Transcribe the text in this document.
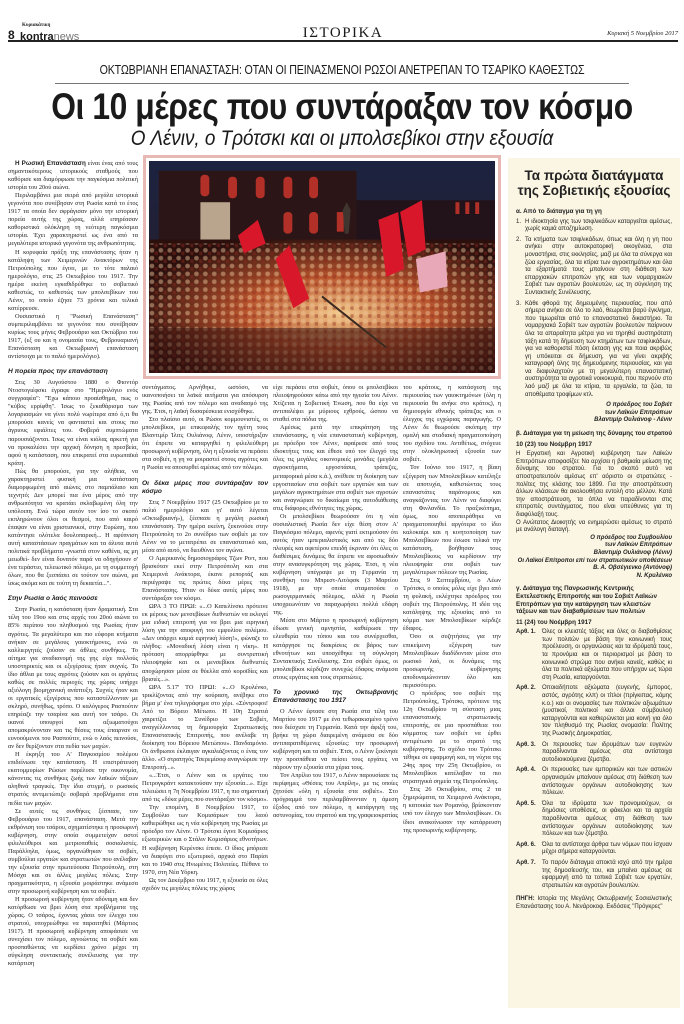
8
Κυριακάτικη
kontranews	ΙΣΤΟΡΙΚΑ	Κυριακή 5 Νοεμβρίου 2017
ΟΚΤΩΒΡΙΑΝΗ ΕΠΑΝΑΣΤΑΣΗ: ΟΤΑΝ ΟΙ ΠΕΙΝΑΣΜΕΝΟΙ ΡΩΣΟΙ ΑΝΕΤΡΕΠΑΝ ΤΟ ΤΣΑΡΙΚΟ ΚΑΘΕΣΤΩΣ
Οι 10 μέρες που συντάραξαν τον κόσμο
Ο Λένιν, ο Τρότσκι και οι μπολσεβίκοι στην εξουσία

Η Ρωσική Επανάσταση είναι ένας από τους σημαντικότερους ιστορικούς σταθμούς που καθόρισε και διαμόρφωσε την παγκόσμια πολιτική ιστορία του 20ού αιώνα.

Περιλαμβάνει μια σειρά από μεγάλα ιστορικά γεγονότα που συνέβησαν στη Ρωσία κατά το έτος 1917 τα οποία δεν σφράγισαν μόνο την ιστορική πορεία αυτής της χώρας, αλλά επηρέασαν καθοριστικά ολόκληρη τη νεότερη παγκόσμια ιστορία. Έχει χαρακτηριστεί ως ένα από τα μεγαλύτερα ιστορικά γεγονότα της ανθρωπότητας.

Η κορυφαία πράξη της επανάστασης ήταν η κατάληψη των Χειμερινών Ανακτόρων της Πετρούπολης που έγινε, με το τότε παλαιό ημερολόγιο, στις 25 Οκτωβρίου του 1917. Την ημέρα εκείνη εγκαθιδρύθηκε το σοβιετικό καθεστώς, το καθεστώς των μπολσεβίκων του Λένιν, το οποίο έζησε 73 χρόνια και τελικά κατέρρευσε.

Ουσιαστικά η "Ρωσική Επανάσταση" συμπεριλαμβάνει τα γεγονότα που συνέβησαν κυρίως τους μήνες Φεβρουάριο και Οκτώβριο του 1917, (εξ ου και η ονομασία τους, Φεβρουαριανή Επανάσταση και Οκτωβριανή επανάσταση αντίστοιχα με το παλιό ημερολόγιο).

Η πορεία προς την επανάσταση

Στις 30 Αυγούστου 1880 ο Φιοντόρ Ντοστογιέφσκι έγραφε στο "Ημερολόγιο ενός συγγραφέα": "Έχω κάποιο προαίσθημα, πως ο "κύβος ερρίφθη". Ίσως το ξεκαθάρισμα των λογαριασμών να γίνει πολύ νωρίτερα από ό,τι θα μπορούσε κανείς να φανταστεί και στους πιο άγριους εφιάλτες του. Φοβερά συμπτώματα παρουσιάζονται. Ίσως να είναι κιόλας αρκετή για να προκαλέσει την αρχική δόνηση η πρεσβεία, αφού η κατάσταση, που επικρατεί στα ευρωπαϊκά κράτη.

Πώς θα μπορούσε, για την αλήθεια, να χαρακτηριστεί φυσική μια κατάσταση διαμορφωμένη από αιώνες στο παμπάλαιο και τεχνητό; Δεν μπορεί πια ένα μέρος από την ανθρωπότητα να κρατάει σκλαβωμένη όλη την υπόλοιπη. Ενώ τώρα αυτόν τον ίσο το σκοπό εκπληρώνουν όλοι οι θεσμοί, που από καιρό έπαψαν να είναι χριστιανικοί, στην Ευρώπη, που κατάντησε ολότελα δουλοπαρική... Η αφύπνιση αυτή καταστάσεων πραγμάτων και τα άλυτα αυτά πολιτικά προβλήματα -γνωστά στον καθένα, ας μη μειωθεί- δεν είναι δυνατόν παρά να οδηγήσουν σ' ένα τεράστιο, τελειωτικό πόλεμο, με τη συμμετοχή όλων, που θα ξεσπάσει σε τούτον τον αιώνα, μα ίσως ακόμα και σε τούτη τη δεκαετία...".

Στην Ρωσία ο λαός πεινούσε

Στην Ρωσία, η κατάσταση ήταν δραματική. Στα τέλη του 19ου και στις αρχές του 20ού αιώνα το 85% περίπου του πληθυσμού της Ρωσίας ήταν αγρότες. Τα μεγαλύτερα και πιο εύφορα κτήματα ανήκαν σε μεγάλους γαιοκτήμονες, ενώ οι καλλιεργητές ζούσαν σε άθλιες συνθήκες. Το αίτημα για αναδιανομή της γης είχε πολλούς υποστηρικτές και οι εξεγέρσεις ήταν συχνές. Το ίδιο άθλια με τους αγρότες ζούσαν και οι εργάτες καθώς σε πολλές περιοχές της χώρας υπήρχε αξιόλογη βιομηχανική ανάπτυξη. Συχνές ήταν και οι εργατικές εξεγέρσεις που καταστέλλονταν με σκληρό, συνήθως, τρόπο. Ο καλόγερος Ρασπούτιν επηρέαζε την τσαρίνα και αυτή τον τσάρο. Οι ικανοί υπουργοί και αξιωματούχοι απομακρύνονταν και τις θέσεις τους έπαιρναν οι ευνοούμενοι του Ρασπούτιν, ενώ ο λαός πεινούσε, αν δεν θερίζονταν στα πεδία των μαχών.

Η έκρηξη του Α' Παγκοσμίου πολέμου επιδείνωσε την κατάσταση. Η επιστράτευση εκατομμυρίων Ρώσων παρέλυσε την οικονομία, κάνοντας τις συνθήκες ζωής των λαϊκών τάξεων αληθινά τραγικές. Την ίδια στιγμή, ο ρωσικός στρατός αντιμετώπιζε σοβαρά προβλήματα στα πεδία των μαχών.

Σε αυτές τις συνθήκες ξέσπασε, τον Φεβρουάριο του 1917, επανάσταση. Μετά την εκθρόνιση του τσάρου, σχηματίστηκε η προσωρινή κυβέρνηση, στην οποία συμμετείχαν αστοί φιλελεύθεροι και μετριοπαθείς σοσιαλιστές. Παράλληλα, όμως, οργανώθηκαν τα σοβιέτ, συμβούλια εργατών και στρατιωτών που ανέλαβαν την εξουσία στην πρωτεύουσα Πετρούπολη, στη Μόσχα και σε άλλες μεγάλες πόλεις. Στην πραγματικότητα, η εξουσία μοιράστηκε ανάμεσα στην προσωρινή κυβέρνηση και τα σοβιέτ.

Η προσωρινή κυβέρνηση ήταν αδύναμη και δεν κατόρθωσε να βρει λύση στα προβλήματα της χώρας. Ο τσάρος, έχοντας χάσει τον έλεγχο του στρατού, υποχρεώθηκε να παραιτηθεί (Μάρτιος 1917). Η προσωρινή κυβέρνηση αποφάσισε να συνεχίσει τον πόλεμο, αγνοώντας τα σοβιέτ και προσπαθώντας να κερδίσει χρόνο μέχρι τη σύγκληση συντακτικής συνέλευσης για την κατάρτιση

συντάγματος. Αρνήθηκε, ωστόσο, να ικανοποιήσει τα λαϊκά αιτήματα για απόσυρση της Ρωσίας από τον πόλεμο και αναδασμό της γης. Έτσι, η λαϊκή δυσαρέσκεια ενισχύθηκε.

Στο πλαίσιο αυτό, οι Ρώσοι κομμουνιστές, οι μπολσεβίκοι, με επικεφαλής τον ηγέτη τους Βλαντιμίρ Ίλιτς Ουλιάνοφ, Λένιν, υποστήριξαν ότι έπρεπε να καταργηθεί η φιλελεύθερη προσωρινή κυβέρνηση, όλη η εξουσία να περάσει στα σοβιέτ, η γη να μοιραστεί στους αγρότες και η Ρωσία να αποσυρθεί αμέσως από τον πόλεμο.

Οι δέκα μέρες που συντάραξαν τον κόσμο

Στις 7 Νοεμβρίου 1917 (25 Οκτωβρίου με το παλιό ημερολόγιο και γι' αυτό λέγεται «Οκτωβριανή»), ξέσπασε η μεγάλη ρωσική επανάσταση. Την ημέρα εκείνη, ξεκινούσε στην Πετρούπολη το 2ο συνέδριο των σοβιέτ με τον Λένιν να το μετατρέπει σε επαναστατικό και, μέσα από αυτό, να διευθύνει τον αγώνα.

Ο Αμερικανός δημοσιογράφος Τζων Ριντ, που βρισκόταν εκεί στην Πετρούπολη και στα Χειμερινά Ανάκτορα, έκανε ρεπορτάζ και περιέγραψε τις πρώτες δέκα μέρες της Επανάστασης. Ήταν οι δέκα αυτές μέρες που συντάραξαν τον κόσμο.

ΩΡΑ 3 ΤΟ ΠΡΩΙ: «...Ο Καπελίνσκι πρότεινε εκ μέρους των μενσεβίκων διεθνιστών να εκλεγεί μια ειδική επιτροπή για να βρει μια ειρηνική λύση για την αποφυγή του εμφυλίου πολέμου. «Δεν υπάρχει καμιά ειρηνική λύση!», φώναζε το πλήθος: «Μοναδική λύση είναι η νίκη». Η πρόταση απορρίφθηκε με συντριπτική πλειοψηφία και οι μενσεβίκοι διεθνιστές αποχώρησαν μέσα σε θύελλα από κοροϊδίες και βρισιές...».

ΩΡΑ 5.17' ΤΟ ΠΡΩΙ: «...Ο Κρυλένκο, τρικλίζοντας από την κούραση, ανέβηκε στο βήμα μ' ένα τηλεγράφημα στο χέρι. «Σύντροφοι! Από το Βόρειο Μέτωπο. Η 10η Στρατιά χαιρετίζει το Συνέδριο των Σοβιέτ, αναγγέλλοντας τη δημιουργία Στρατιωτικής Επαναστατικής Επιτροπής, που ανέλαβε τη διοίκηση του Βόρειου Μετώπου». Πανδαιμόνιο. Οι άνθρωποι έκλαιγαν αγκαλιάζοντας ο ένας τον άλλο. «Ο στρατηγός Τσερεμίσοφ αναγνώρισε την Επιτροπή...».

«...Έτσι, ο Λένιν και οι εργάτες του Πετρογκράντ κατακτούσαν την εξουσία...». Είχε τελειώσει η 7η Νοεμβρίου 1917, η πιο σημαντική από τις «δέκα μέρες που συντάραξαν τον κόσμο».

Την επομένη, 8 Νοεμβρίου 1917, το Συμβούλιο των Κομισάριων του λαού καθιερώθηκε ως η νέα κυβέρνηση της Ρωσίας με πρόεδρο τον Λένιν. Ο Τρότσκι έγινε Κομισάριος εξωτερικών και ο Στάλιν Κομισάριος εθνοτήτων. Η κυβέρνηση Κερένσκι έπεσε. Ο ίδιος μπόρεσε να διαφύγει στο εξωτερικό, αρχικά στο Παρίσι και το 1940 στις Ηνωμένες Πολιτείες. Πέθανε το 1970, στη Νέα Υόρκη.

Ως τον Δεκέμβριο του 1917, η εξουσία σε όλες σχεδόν τις μεγάλες πόλεις της χώρας

είχε περάσει στα σοβιέτ, όπου οι μπολσεβίκοι πλειοψηφούσαν κάτω από την ηγεσία του Λένιν. Χτίζεται η Σοβιετική Ένωση, που θα είχε να αντιπαλέψει με μύριους εχθρούς, ώσπου να σταθεί στα πόδια της.

Αμέσως μετά την επικράτηση της επανάστασης, η νέα επαναστατική κυβέρνηση, με πρόεδρο τον Λένιν, αφαίρεσε από τους ιδιοκτήτες τους και έθεσε υπό τον έλεγχό της όλες τις μεγάλες οικονομικές μονάδες (μεγάλα αγροκτήματα, εργοστάσια, τράπεζες, μεταφορικά μέσα κ.ά.), ανέθεσε τη διοίκηση των εργοστασίων στα σοβιέτ των εργατών και των μεγάλων αγροκτημάτων στα σοβιέτ των αγροτών και αναγνώρισε το δικαίωμα της αυτοδιάθεσης στις διάφορες εθνότητες της χώρας.

Οι μπολσεβίκοι θεωρούσαν ότι η νέα σοσιαλιστική Ρωσία δεν είχε θέση στον Α' Παγκόσμιο πόλεμο, αφενός γιατί εκτιμούσαν ότι αυτός ήταν ιμπεριαλιστικός και από τις δύο πλευρές και αφετέρου επειδή έκριναν ότι όλες οι διαθέσιμες δυνάμεις θα έπρεπε να αφοσιωθούν στην ανασυγκρότηση της χώρας. Έτσι, η νέα κυβέρνηση υπέγραψε με τη Γερμανία τη συνθήκη του Μπρεστ-Λιτόφσκ (3 Μαρτίου 1918), με την οποία σταματούσε ο ρωσογερμανικός πόλεμος, αλλά η Ρωσία υποχρεωνόταν να παραχωρήσει πολλά εδάφη της.

Μέσα στο Μάρτιο η προσωρινή κυβέρνηση έδωσε γενική αμνηστία, καθιέρωσε την ελευθερία του τύπου και του συνέρχεσθαι, κατάργησε τις διακρίσεις σε βάρος των εθνοτήτων και υποσχέθηκε τη σύγκληση Συντακτικής Συνέλευσης. Στα σοβιέτ όμως, οι μπολσεβίκοι κέρδιζαν συνεχώς έδαφος ανάμεσα στους εργάτες και τους στρατιώτες.

Το χρονικό της Οκτωβριανής Επανάστασης του 1917

Ο Λένιν έφτασε στη Ρωσία στα τέλη του Μαρτίου του 1917 με ένα τεθωρακισμένο τρένο που διέσχισε τη Γερμανία. Κατά την άφιξή του, βρήκε τη χώρα διαιρεμένη ανάμεσα σε δύο αντιπαρατιθέμενες εξουσίες: την προσωρινή κυβέρνηση και τα σοβιέτ. Έτσι, ο Λένιν ξεκίνησε την προσπάθεια να πείσει τους εργάτες να πάρουν την εξουσία στα χέρια τους.

Τον Απρίλιο του 1917, ο Λένιν παρουσίασε τις περίφημες «Θέσεις του Απρίλη», με τις οποίες ζητούσε «όλη η εξουσία στα σοβιέτ». Στο πρόγραμμά του περιλαμβάνονταν η άμεση έξοδος από τον πόλεμο, η κατάργηση της αστυνομίας, του στρατού και της γραφειοκρατίας

του κράτους, η κατάσχεση της περιουσίας των γαιοκτημόνων (όλη η περιουσία θα ανήκε στο κράτος), η δημιουργία εθνικής τράπεζας και ο έλεγχος της εγχώριας παραγωγής. Ο Λένιν δε θεωρούσε σκόπιμη την ομαλή και σταδιακή πραγματοποίηση του σχεδίου του. Αντιθέτως, στόχευε στην ολοκληρωτική εξουσία των σοβιέτ.

Τον Ιούνιο του 1917, η βίαιη εξέγερση των Μπολσεβίκων κατέληξε σε αποτυχία, καθιστώντας τους επαναστάτες παράνομους και αναγκάζοντας τον Λένιν να διαφύγει στη Φινλανδία. Το πραξικόπημα, όμως, που αποπειράθηκε να πραγματοποιηθεί αργότερα το ίδιο καλοκαίρι και η κινητοποίηση των Μπολσεβίκων που έσωσε τελικά την κατάσταση, βοήθησαν τους Μπολσεβίκους να κερδίσουν την πλειοψηφία στα σοβιέτ των μεγαλύτερων πόλεων της Ρωσίας.

Στις 9 Σεπτεμβρίου, ο Λέων Τρότσκι, ο οποίος μόλις είχε βγει από τη φυλακή, εκλέχτηκε πρόεδρος του σοβιέτ της Πετρούπολης. Η ιδέα της κατάληψης της εξουσίας από το κόμμα των Μπολσεβίκων κέρδιζε έδαφος.

Όσο οι συζητήσεις για την επικείμενη εξέγερση των Μπολσεβίκων διαδίδονταν μέσα στο ρωσικό λαό, οι δυνάμεις της προσωρινής κυβέρνησης αποδυναμώνονταν όλο και περισσότερο.

Ο πρόεδρος του σοβιέτ της Πετρούπολης, Τρότσκι, πρότεινε της 12η Οκτωβρίου τη σύσταση μιας επαναστατικής στρατιωτικής επιτροπής, σε μια προσπάθεια του κόμματος των σοβιέτ να έρθει αντιμέτωπο με το στρατό της κυβέρνησης. Το σχέδιο του Τρότσκι τέθηκε σε εφαρμογή και, τη νύχτα της 24ης προς την 25η Οκτωβρίου, οι Μπολσεβίκοι κατέλαβαν τα πιο στρατηγικά σημεία της Πετρούπολης.

Στις 26 Οκτωβρίου, στις 2 τα ξημερώματα, τα Χειμερινά Ανάκτορα, η κατοικία των Ρομανόφ, βρίσκονταν υπό τον έλεγχο των Μπολσεβίκων. Οι ίδιοι ανακοίνωσαν την κατάρρευση της προσωρινής κυβέρνησης.

Τα πρώτα διατάγματα της Σοβιετικής εξουσίας
α. Από το διάταγμα για τη γη
1. Η ιδιοκτησία γης των τσιφλικάδων καταργείται αμέσως, χωρίς καμιά αποζημίωση.
2. Τα κτήματα των τσιφλικάδων, όπως και όλη η γη που ανήκει στην αυτοκρατορική οικογένεια, στα μοναστήρια, στις εκκλησίες, μαζί με όλα τα σύνεργα και ζώα εργασίας, όλα τα κτίρια των αγροκτημάτων και όλα τα εξαρτήματά τους μπαίνουν στη διάθεση των επαρχιακών επιτροπών γης και των νομαρχιακών Σοβιέτ των αγροτών βουλευτών, ως τη σύγκληση της Συντακτικής Συνέλευσης.
3. Κάθε φθορά της δημευμένης περιουσίας, που από σήμερα ανήκει σε όλο το λαό, θεωρείται βαρύ έγκλημα, που τιμωρείται από το επαναστατικό δικαστήριο. Τα νομαρχιακά Σοβιέτ των αγροτών βουλευτών παίρνουν όλα τα απαραίτητα μέτρα για να τηρηθεί αυστηρότατη τάξη κατά τη δήμευση των κτημάτων των τσιφλικάδων, για να καθοριστεί πόση έκταση γης και ποια ακριβώς γη υπόκειται σε δήμευση, για να γίνει ακριβής καταγραφή όλης της δημευόμενης περιουσίας, και για να διαφυλαχτούν με τη μεγαλύτερη επαναστατική αυστηρότητα τα αγροτικά νοικοκυριά, που περνούν στο λαό μαζί με όλα τα κτίρια, τα εργαλεία, τα ζώα, τα αποθέματα τροφίμων κτλ.
Ο πρόεδρος του Σοβιέτ
των Λαϊκών Επιτρόπων
Βλαντιμίρ Ουλιάνοφ - Λένιν
β. Διάταγμα για τη μείωση της δύναμης του στρατού
10 (23) του Νοέμβρη 1917

Η Εργατική και Αγροτική κυβέρνηση των Λαϊκών Επιτρόπων αποφασίζει: Να αρχίσει η βαθμιαία μείωση της δύναμης του στρατού. Για το σκοπό αυτό να αποστρατευτούν αμέσως επ' αόριστο οι στρατιώτες - πολίτες της κλάσης του 1899. Για την αποστράτευση άλλων κλάσεων θα ακολουθήσει εντολή στο μέλλον. Κατά την αποστράτευση, τα όπλα να παραδίνονται στις επιτροπές συντάγματος, που είναι υπεύθυνες για τη διαφύλαξή τους.

Ο Ανώτατος Διοικητής να ενημερώσει αμέσως το στρατό με ανάλογη διαταγή.

Ο πρόεδρος του Συμβουλίου
των Λαϊκών Επιτρόπων
Βλαντιμίρ Ουλιάνοφ (Λένιν)
Οι Λαϊκοί Επίτροποι επί των στρατιωτικών υποθέσεων
Β. Α. Οβσέγιενκο (Αντόνοφ)
Ν. Κρυλένκο
γ. Διάταγμα της Πανρωσικής Κεντρικής Εκτελεστικής Επιτροπής και του Σοβιέτ Λαϊκών Επιτρόπων για την κατάργηση των κλειστών τάξεων και των διαβαθμίσεων των πολιτών
11 (24) του Νοέμβρη 1917
Αρθ. 1.	Όλες οι κλειστές τάξεις και όλες οι διαβαθμίσεις των πολιτών με βάση την κοινωνική τους προέλευση, οι οργανώσεις και τα ιδρύματά τους, τα προνόμια και οι περιορισμοί με βάση το κοινωνικό στρώμα που ανήκει κανείς, καθώς κι όλα τα πολιτικά αξιώματα που υπήρχαν ως τώρα στη Ρωσία, καταργούνται.
Αρθ. 2.	Οποιαδήποτε αξιώματα (ευγενής, έμπορος, αστός, αγρότης κλπ) οι τίτλοι (πρίγκιπας, κόμης κ.ο.) και οι ονομασίες των πολιτικών αξιωμάτων (μυστικοί, πολιτικοί και άλλοι σύμβουλοι) καταργούνται και καθιερώνεται μια κοινή για όλο τον πληθυσμό της Ρωσίας ονομασία: Πολίτης της Ρωσικής Δημοκρατίας.
Αρθ. 3.	Οι περιουσίες των ιδρυμάτων των ευγενών παραδίνονται αμέσως στα αντίστοιχα αυτοδιοικούμενα ζέμστβο.
Αρθ. 4.	Οι περιουσίες των εμπορικών και των αστικών οργανισμών μπαίνουν αμέσως στη διάθεση των αντίστοιχων οργάνων αυτοδιοίκησης των πόλεων.
Αρθ. 5.	Όλα τα ιδρύματα των προνομιούχων, οι δημόσιες υποθέσεις, οι φάκελοι και τα αρχεία παραδίνονται αμέσως στη διάθεση των αντίστοιχων οργάνων αυτοδιοίκησης των πόλεων και των ζέμστβο.
Αρθ. 6.	Όλα τα αντίστοιχα άρθρα των νόμων που ίσχυαν μέχρι σήμερα καταργούνται.
Αρθ. 7.	Το παρόν διάταγμα αποκτά ισχύ από την ημέρα της δημοσίευσής του, και μπαίνει αμέσως σε εφαρμογή από τα τοπικά Σοβιέτ των εργατών, στρατιωτών και αγροτών βουλευτών.

ΠΗΓΗ: Ιστορία της Μεγάλης Οκτωβριανής Σοσιαλιστικής Επανάστασης του Α. Νενάροκοφ. Εκδόσεις "Πρόγκρες"
